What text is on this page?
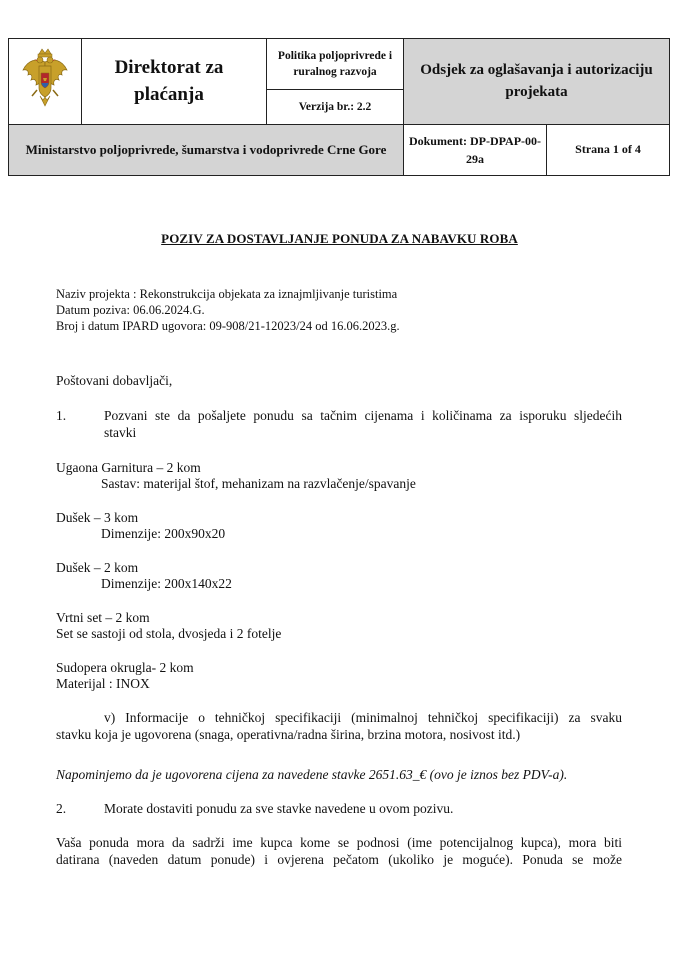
	Direktorat za plaćanja	Politika poljoprivrede i ruralnog razvoja	Odsjek za oglašavanja i autorizaciju projekata
Verzija br.: 2.2
Ministarstvo poljoprivrede, šumarstva i vodoprivrede Crne Gore	
Dokument: DP-DPAP-00-29a	Strana 1 of 4
POZIV ZA DOSTAVLJANJE PONUDA ZA NABAVKU ROBA
Naziv projekta : Rekonstrukcija objekata za iznajmljivanje turistima
Datum poziva: 06.06.2024.G.
Broj i datum IPARD ugovora: 09-908/21-12023/24 od 16.06.2023.g.
Poštovani dobavljači,
1.	Pozvani ste da pošaljete ponudu sa tačnim cijenama i količinama za isporuku sljedećih
stavki
Ugaona Garnitura – 2 kom
Sastav: materijal štof, mehanizam na razvlačenje/spavanje
Dušek – 3 kom
Dimenzije: 200x90x20
Dušek – 2 kom
Dimenzije: 200x140x22
Vrtni set – 2 kom
Set se sastoji od stola, dvosjeda i 2 fotelje
Sudopera okrugla- 2 kom
Materijal : INOX
v) Informacije o tehničkoj specifikaciji (minimalnoj tehničkoj specifikaciji) za svaku
stavku koja je ugovorena (snaga, operativna/radna širina, brzina motora, nosivost itd.)
Napominjemo da je ugovorena cijena za navedene stavke 2651.63_€ (ovo je iznos bez PDV-a).
2.	Morate dostaviti ponudu za sve stavke navedene u ovom pozivu.
Vaša ponuda mora da sadrži ime kupca kome se podnosi (ime potencijalnog kupca), mora biti
datirana (naveden datum ponude) i ovjerena pečatom (ukoliko je moguće). Ponuda se može
